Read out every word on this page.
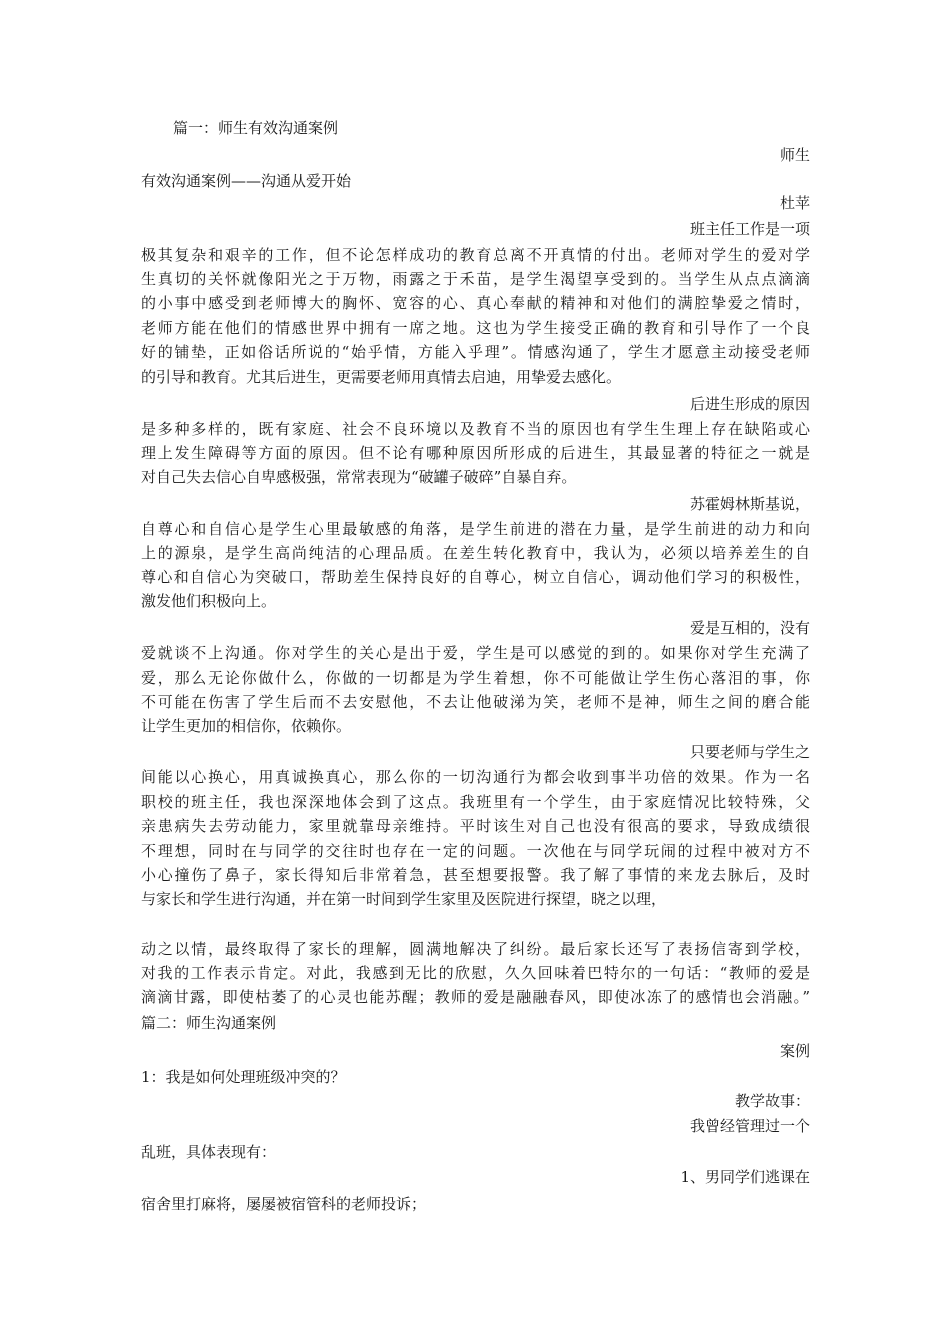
篇一：师生有效沟通案例
师生
有效沟通案例——沟通从爱开始
杜苹
班主任工作是一项
极其复杂和艰辛的工作，但不论怎样成功的教育总离不开真情的付出。老师对学生的爱对学
生真切的关怀就像阳光之于万物，雨露之于禾苗，是学生渴望享受到的。当学生从点点滴滴
的小事中感受到老师博大的胸怀、宽容的心、真心奉献的精神和对他们的满腔挚爱之情时，
老师方能在他们的情感世界中拥有一席之地。这也为学生接受正确的教育和引导作了一个良
好的铺垫，正如俗话所说的“始乎情，方能入乎理”。情感沟通了，学生才愿意主动接受老师
的引导和教育。尤其后进生，更需要老师用真情去启迪，用挚爱去感化。
后进生形成的原因
是多种多样的，既有家庭、社会不良环境以及教育不当的原因也有学生生理上存在缺陷或心
理上发生障碍等方面的原因。但不论有哪种原因所形成的后进生，其最显著的特征之一就是
对自己失去信心自卑感极强，常常表现为“破罐子破碎”自暴自弃。
苏霍姆林斯基说，
自尊心和自信心是学生心里最敏感的角落，是学生前进的潜在力量，是学生前进的动力和向
上的源泉，是学生高尚纯洁的心理品质。在差生转化教育中，我认为，必须以培养差生的自
尊心和自信心为突破口，帮助差生保持良好的自尊心，树立自信心，调动他们学习的积极性，
激发他们积极向上。
爱是互相的，没有
爱就谈不上沟通。你对学生的关心是出于爱，学生是可以感觉的到的。如果你对学生充满了
爱，那么无论你做什么，你做的一切都是为学生着想，你不可能做让学生伤心落泪的事，你
不可能在伤害了学生后而不去安慰他，不去让他破涕为笑，老师不是神，师生之间的磨合能
让学生更加的相信你，依赖你。
只要老师与学生之
间能以心换心，用真诚换真心，那么你的一切沟通行为都会收到事半功倍的效果。作为一名
职校的班主任，我也深深地体会到了这点。我班里有一个学生，由于家庭情况比较特殊，父
亲患病失去劳动能力，家里就靠母亲维持。平时该生对自己也没有很高的要求，导致成绩很
不理想，同时在与同学的交往时也存在一定的问题。一次他在与同学玩闹的过程中被对方不
小心撞伤了鼻子，家长得知后非常着急，甚至想要报警。我了解了事情的来龙去脉后，及时
与家长和学生进行沟通，并在第一时间到学生家里及医院进行探望，晓之以理，
动之以情，最终取得了家长的理解，圆满地解决了纠纷。最后家长还写了表扬信寄到学校，
对我的工作表示肯定。对此，我感到无比的欣慰，久久回味着巴特尔的一句话：“教师的爱是
滴滴甘露，即使枯萎了的心灵也能苏醒；教师的爱是融融春风，即使冰冻了的感情也会消融。”
篇二：师生沟通案例
案例
1：我是如何处理班级冲突的？
教学故事：
我曾经管理过一个
乱班，具体表现有：
1、男同学们逃课在
宿舍里打麻将，屡屡被宿管科的老师投诉；
